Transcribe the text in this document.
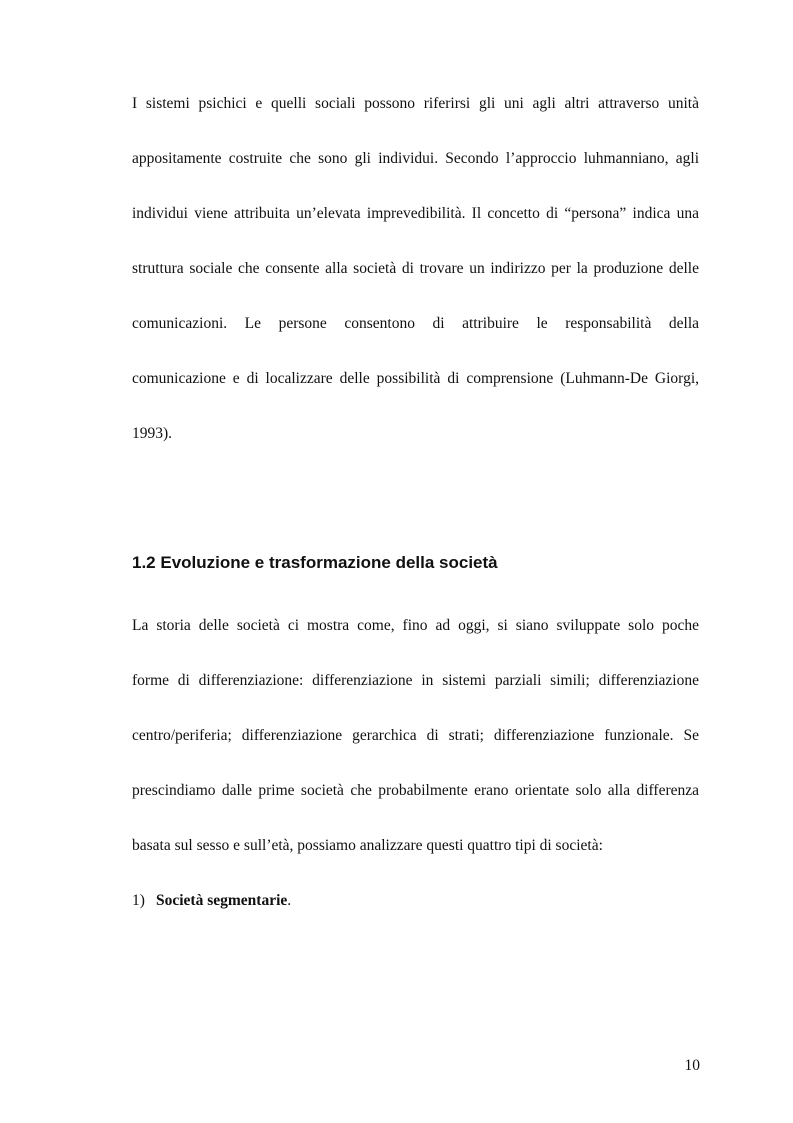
I sistemi psichici e quelli sociali possono riferirsi gli uni agli altri attraverso unità
appositamente costruite che sono gli individui. Secondo l’approccio luhmanniano, agli
individui viene attribuita un’elevata imprevedibilità. Il concetto di “persona” indica una
struttura sociale che consente alla società di trovare un indirizzo per la produzione delle
comunicazioni. Le persone consentono di attribuire le responsabilità della
comunicazione e di localizzare delle possibilità di comprensione (Luhmann-De Giorgi,
1993).
1.2 Evoluzione e trasformazione della società
La storia delle società ci mostra come, fino ad oggi, si siano sviluppate solo poche
forme di differenziazione: differenziazione in sistemi parziali simili; differenziazione
centro/periferia; differenziazione gerarchica di strati; differenziazione funzionale. Se
prescindiamo dalle prime società che probabilmente erano orientate solo alla differenza
basata sul sesso e sull’età, possiamo analizzare questi quattro tipi di società:
1) Società segmentarie.
10
